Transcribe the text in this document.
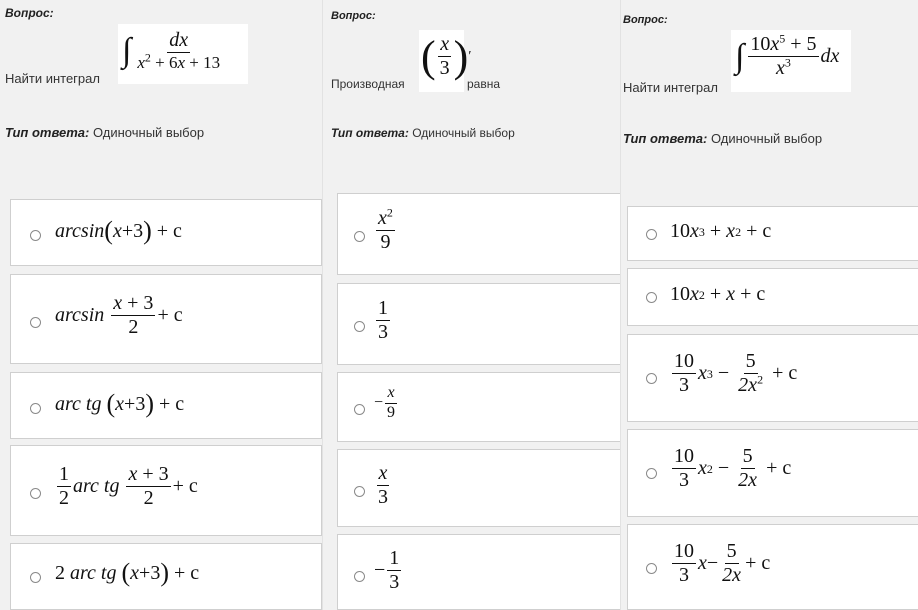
Вопрос:
Найти интеграл
∫ $\frac{dx}{x^2 + 6x + 13}$
Тип ответа: Одиночный выбор
arcsin ( x +3 )
+ c
arcsin
$\frac{x + 3}{2} + c$
arc tg
( x +3 )
+ c
$\frac{1}{2}$ arc tg
$\frac{x + 3}{2} + c$
2
arc tg
( x +3 )
+ c
Вопрос:
Производная
( $\frac{x}{3}$ ) ′
равна
Тип ответа: Одиночный выбор
$\frac{x^2}{9}$
$\frac{1}{3}$
− $\frac{x}{9}$
$\frac{x}{3}$
− $\frac{1}{3}$
Вопрос:
Найти интеграл
∫ $\frac{10x^5 + 5}{x^3}$ dx
Тип ответа: Одиночный выбор
10 x 3
+
x 2
+ c
10 x 2
+
x
+ c
$\frac{10}{3}$ x 3
−
$\frac{5}{2x^2}$
+ c
$\frac{10}{3}$ x 2
−
$\frac{5}{2x}$
+ c
$\frac{10}{3}$ $x - \frac{5}{2x} + c$
